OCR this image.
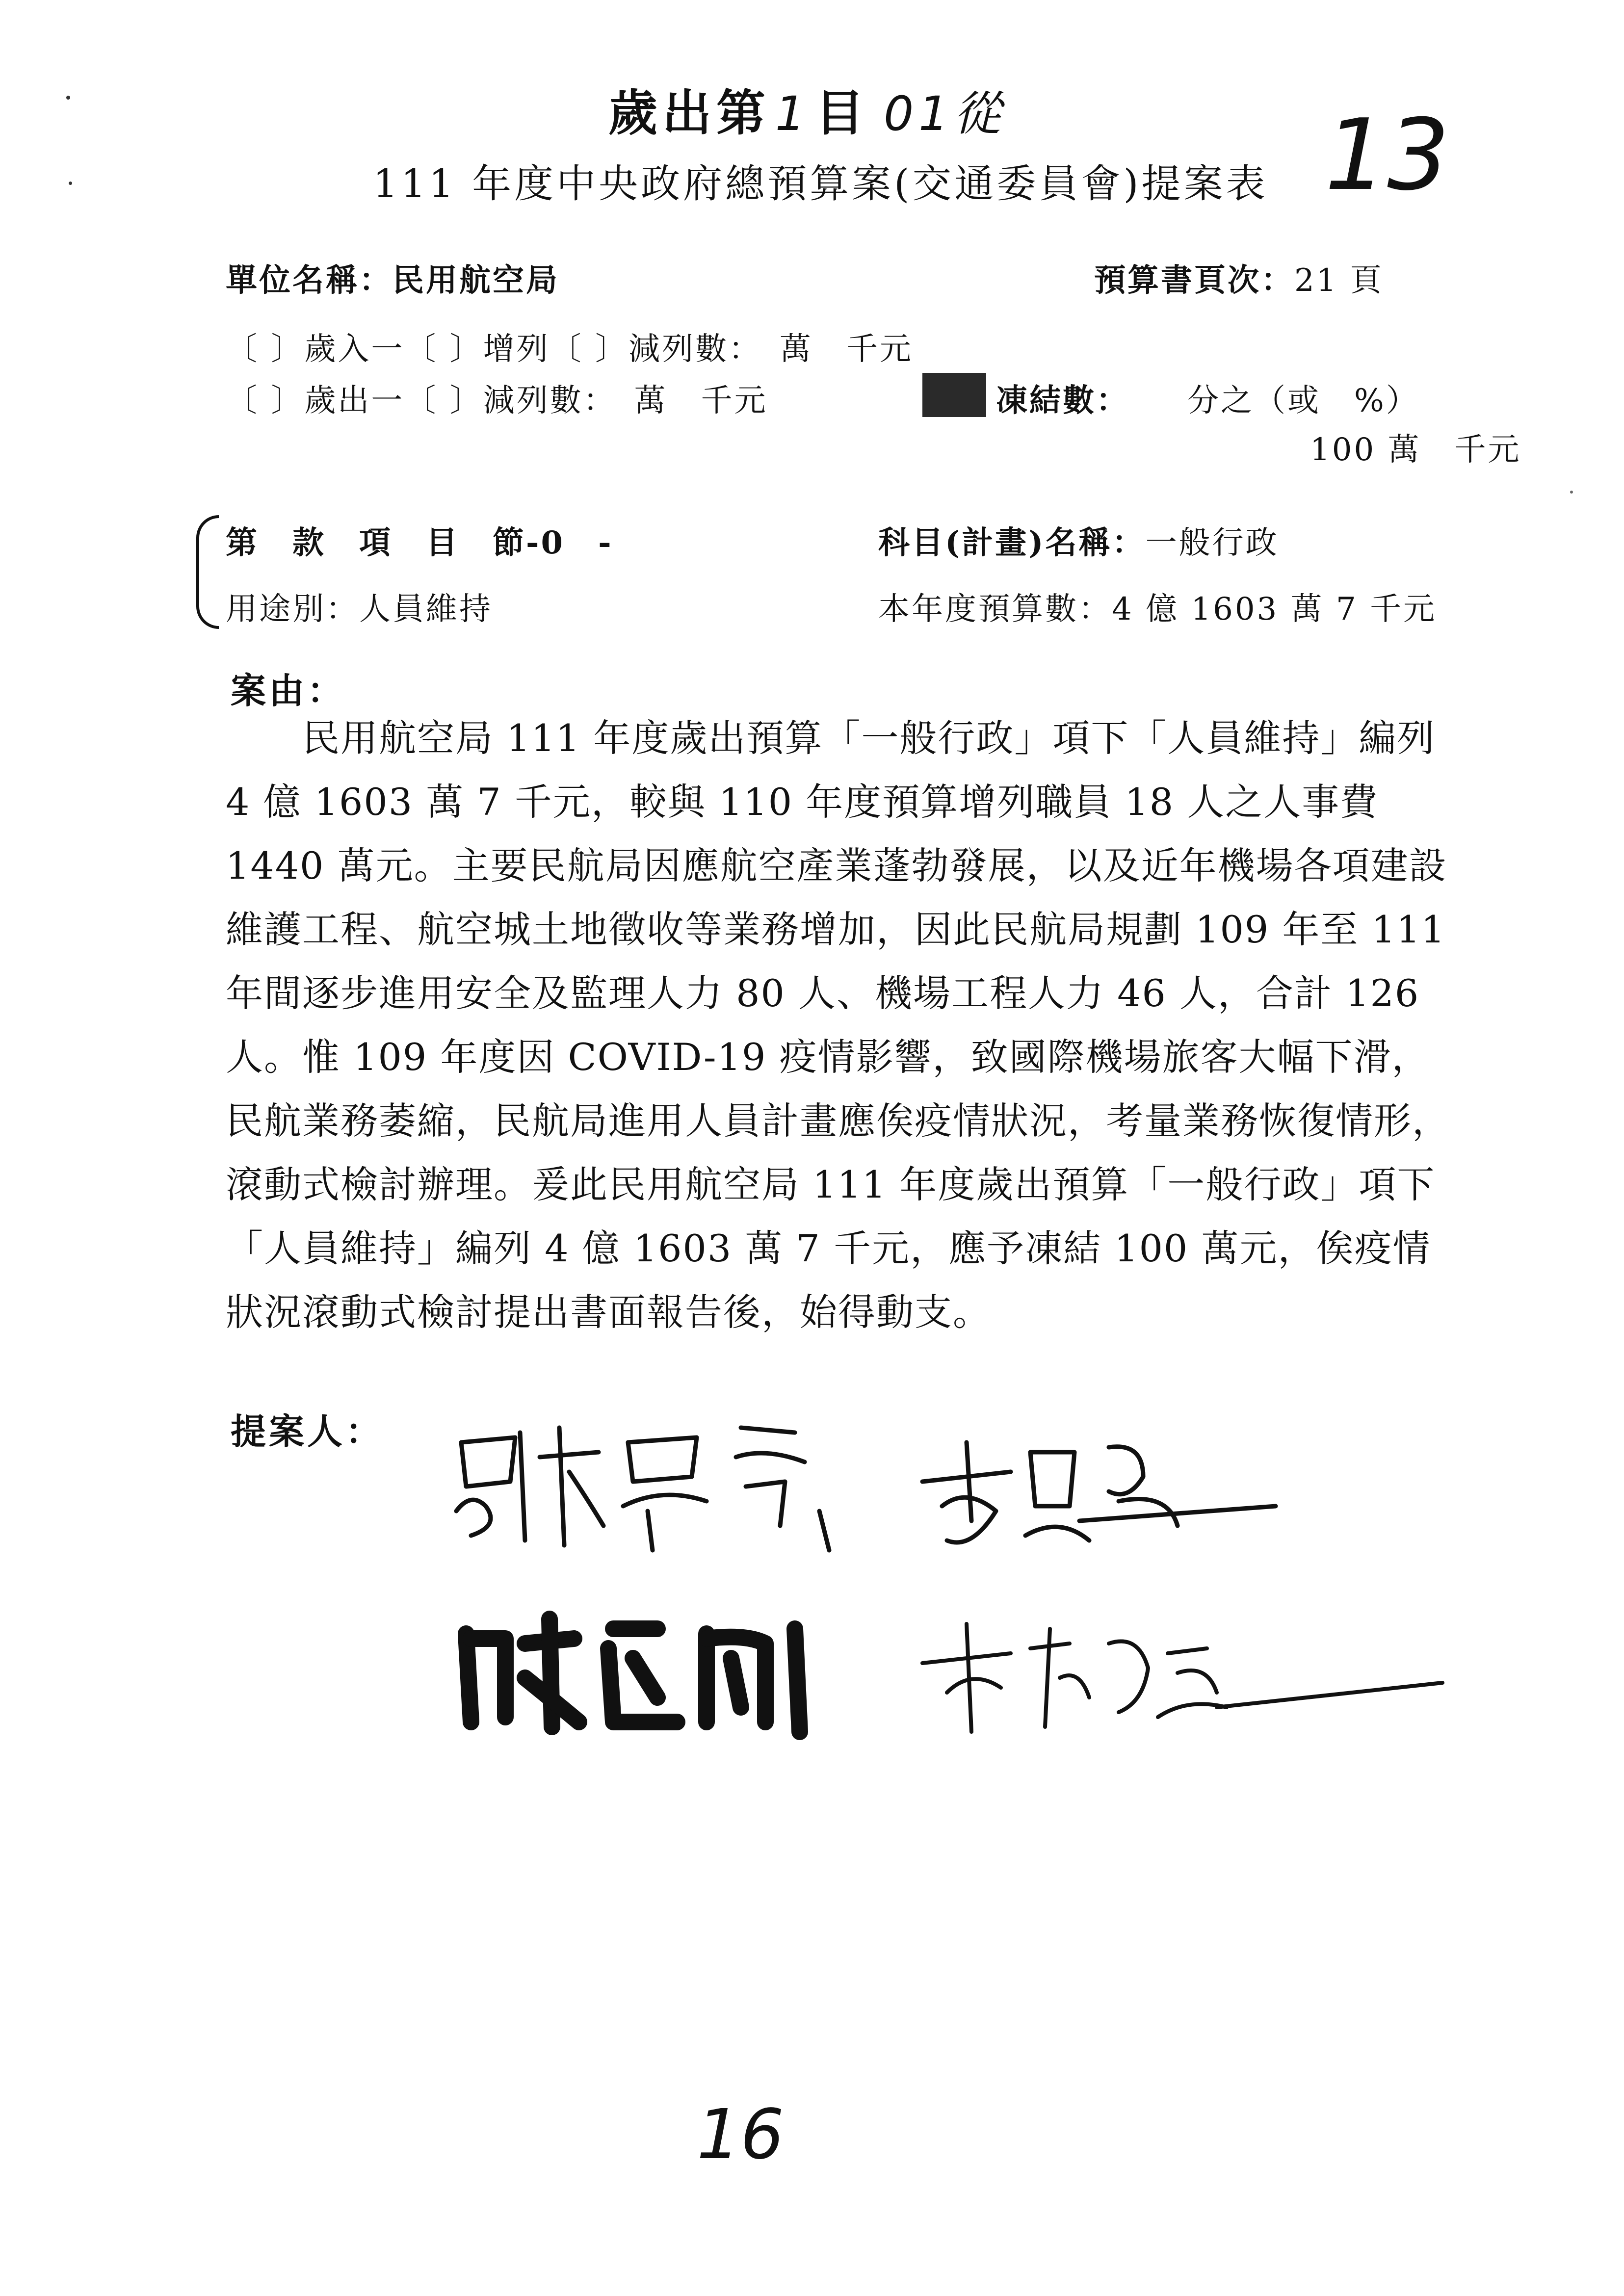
歲出第 1 目 01從
111 年度中央政府總預算案(交通委員會)提案表 13
單位名稱：民用航空局	預算書頁次：21 頁
〔 〕歲入一〔 〕增列〔 〕減列數：　萬　千元
〔 〕歲出一〔 〕減列數：　萬　千元	凍結數： 分之（或　%）
100 萬　千元
第　款　項　目　節-0　-
用途別：人員維持
科目(計畫)名稱：一般行政
本年度預算數：4 億 1603 萬 7 千元
案由：

　　民用航空局 111 年度歲出預算「一般行政」項下「人員維持」編列 4 億 1603 萬 7 千元，較與 110 年度預算增列職員 18 人之人事費 1440 萬元。主要民航局因應航空產業蓬勃發展，以及近年機場各項建設維護工程、航空城土地徵收等業務增加，因此民航局規劃 109 年至 111 年間逐步進用安全及監理人力 80 人、機場工程人力 46 人，合計 126 人。惟 109 年度因 COVID-19 疫情影響，致國際機場旅客大幅下滑，民航業務萎縮，民航局進用人員計畫應俟疫情狀況，考量業務恢復情形，滾動式檢討辦理。爰此民用航空局 111 年度歲出預算「一般行政」項下「人員維持」編列 4 億 1603 萬 7 千元，應予凍結 100 萬元，俟疫情狀況滾動式檢討提出書面報告後，始得動支。

提案人：
16
